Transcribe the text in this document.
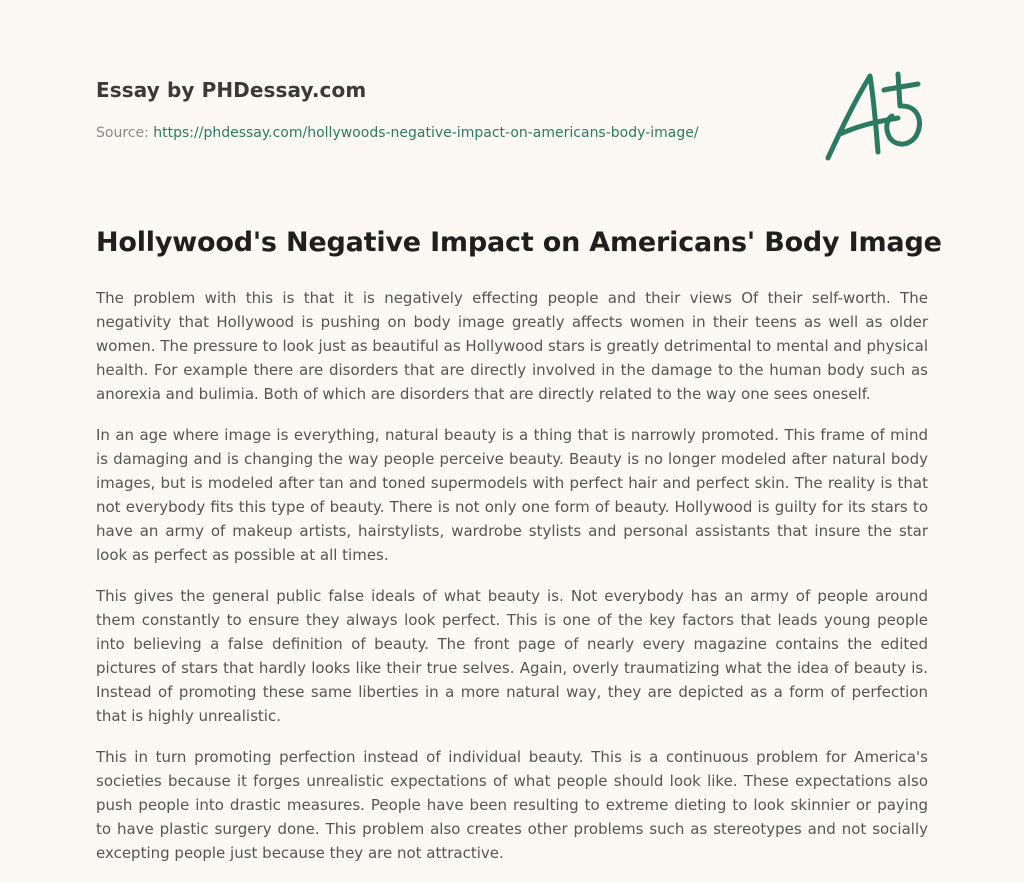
Essay by PHDessay.com
Source: https://phdessay.com/hollywoods-negative-impact-on-americans-body-image/
Hollywood's Negative Impact on Americans' Body Image

The problem with this is that it is negatively effecting people and their views Of their self-worth. The negativity that Hollywood is pushing on body image greatly affects women in their teens as well as older women. The pressure to look just as beautiful as Hollywood stars is greatly detrimental to mental and physical health. For example there are disorders that are directly involved in the damage to the human body such as anorexia and bulimia. Both of which are disorders that are directly related to the way one sees oneself.

In an age where image is everything, natural beauty is a thing that is narrowly promoted. This frame of mind is damaging and is changing the way people perceive beauty. Beauty is no longer modeled after natural body images, but is modeled after tan and toned supermodels with perfect hair and perfect skin. The reality is that not everybody fits this type of beauty. There is not only one form of beauty. Hollywood is guilty for its stars to have an army of makeup artists, hairstylists, wardrobe stylists and personal assistants that insure the star look as perfect as possible at all times.

This gives the general public false ideals of what beauty is. Not everybody has an army of people around them constantly to ensure they always look perfect. This is one of the key factors that leads young people into believing a false definition of beauty. The front page of nearly every magazine contains the edited pictures of stars that hardly looks like their true selves. Again, overly traumatizing what the idea of beauty is. Instead of promoting these same liberties in a more natural way, they are depicted as a form of perfection that is highly unrealistic.

This in turn promoting perfection instead of individual beauty. This is a continuous problem for America's societies because it forges unrealistic expectations of what people should look like. These expectations also push people into drastic measures. People have been resulting to extreme dieting to look skinnier or paying to have plastic surgery done. This problem also creates other problems such as stereotypes and not socially excepting people just because they are not attractive.
